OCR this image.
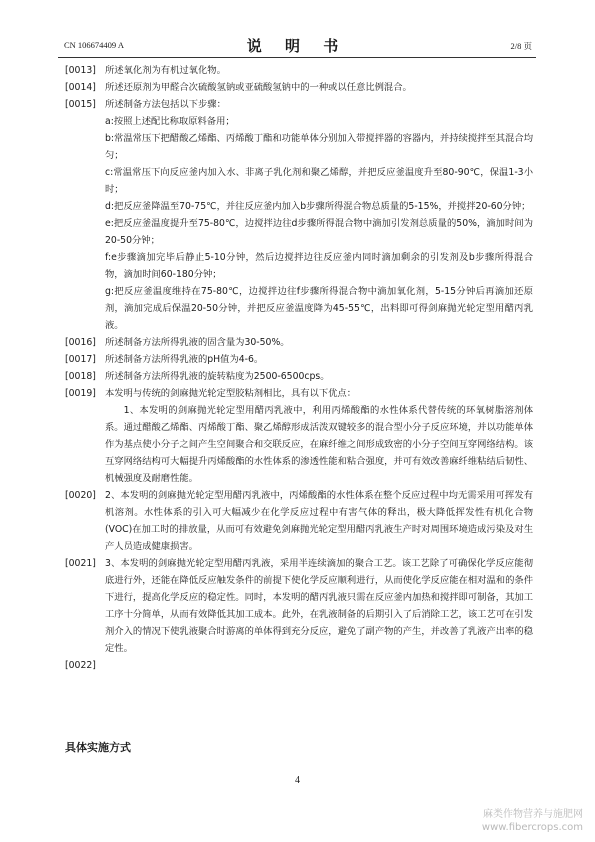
CN 106674409 A	说 明 书	2/8 页
[0013] 所述氧化剂为有机过氧化物。
[0014] 所述还原剂为甲醛合次硫酸氢钠或亚硫酸氢钠中的一种或以任意比例混合。
[0015] 所述制备方法包括以下步骤：
a:按照上述配比称取原料备用；
b:常温常压下把醋酸乙烯酯、丙烯酸丁酯和功能单体分别加入带搅拌器的容器内，并持续搅拌至其混合均匀；
c:常温常压下向反应釜内加入水、非离子乳化剂和聚乙烯醇，并把反应釜温度升至80-90℃，保温1-3小时；
d:把反应釜降温至70-75℃，并往反应釜内加入b步骤所得混合物总质量的5-15%，并搅拌20-60分钟；
e:把反应釜温度提升至75-80℃，边搅拌边往d步骤所得混合物中滴加引发剂总质量的50%，滴加时间为20-50分钟；
f:e步骤滴加完毕后静止5-10分钟，然后边搅拌边往反应釜内同时滴加剩余的引发剂及b步骤所得混合物，滴加时间60-180分钟；
g:把反应釜温度维持在75-80℃，边搅拌边往f步骤所得混合物中滴加氧化剂，5-15分钟后再滴加还原剂，滴加完成后保温20-50分钟，并把反应釜温度降为45-55℃，出料即可得剑麻抛光轮定型用醋丙乳液。
[0016] 所述制备方法所得乳液的固含量为30-50%。
[0017] 所述制备方法所得乳液的pH值为4-6。
[0018] 所述制备方法所得乳液的旋转粘度为2500-6500cps。
[0019] 本发明与传统的剑麻抛光轮定型胶粘剂相比，具有以下优点：
1、本发明的剑麻抛光轮定型用醋丙乳液中，利用丙烯酸酯的水性体系代替传统的环氧树脂溶剂体系。通过醋酸乙烯酯、丙烯酸丁酯、聚乙烯醇形成活泼双键较多的混合型小分子反应环境，并以功能单体作为基点使小分子之间产生空间聚合和交联反应，在麻纤维之间形成致密的小分子空间互穿网络结构。该互穿网络结构可大幅提升丙烯酸酯的水性体系的渗透性能和粘合强度，并可有效改善麻纤维粘结后韧性、机械强度及耐磨性能。
[0020] 2、本发明的剑麻抛光轮定型用醋丙乳液中，丙烯酸酯的水性体系在整个反应过程中均无需采用可挥发有机溶剂。水性体系的引入可大幅减少在化学反应过程中有害气体的释出，极大降低挥发性有机化合物(VOC)在加工时的排放量，从而可有效避免剑麻抛光轮定型用醋丙乳液生产时对周围环境造成污染及对生产人员造成健康损害。
[0021] 3、本发明的剑麻抛光轮定型用醋丙乳液，采用半连续滴加的聚合工艺。该工艺除了可确保化学反应能彻底进行外，还能在降低反应触发条件的前提下使化学反应顺利进行，从而使化学反应能在相对温和的条件下进行，提高化学反应的稳定性。同时，本发明的醋丙乳液只需在反应釜内加热和搅拌即可制备，其加工工序十分简单，从而有效降低其加工成本。此外，在乳液制备的后期引入了后消除工艺，该工艺可在引发剂介入的情况下使乳液聚合时游离的单体得到充分反应，避免了副产物的产生，并改善了乳液产出率的稳定性。
[0022]

具体实施方式
4
麻类作物营养与施肥网
www.fibercrops.com
